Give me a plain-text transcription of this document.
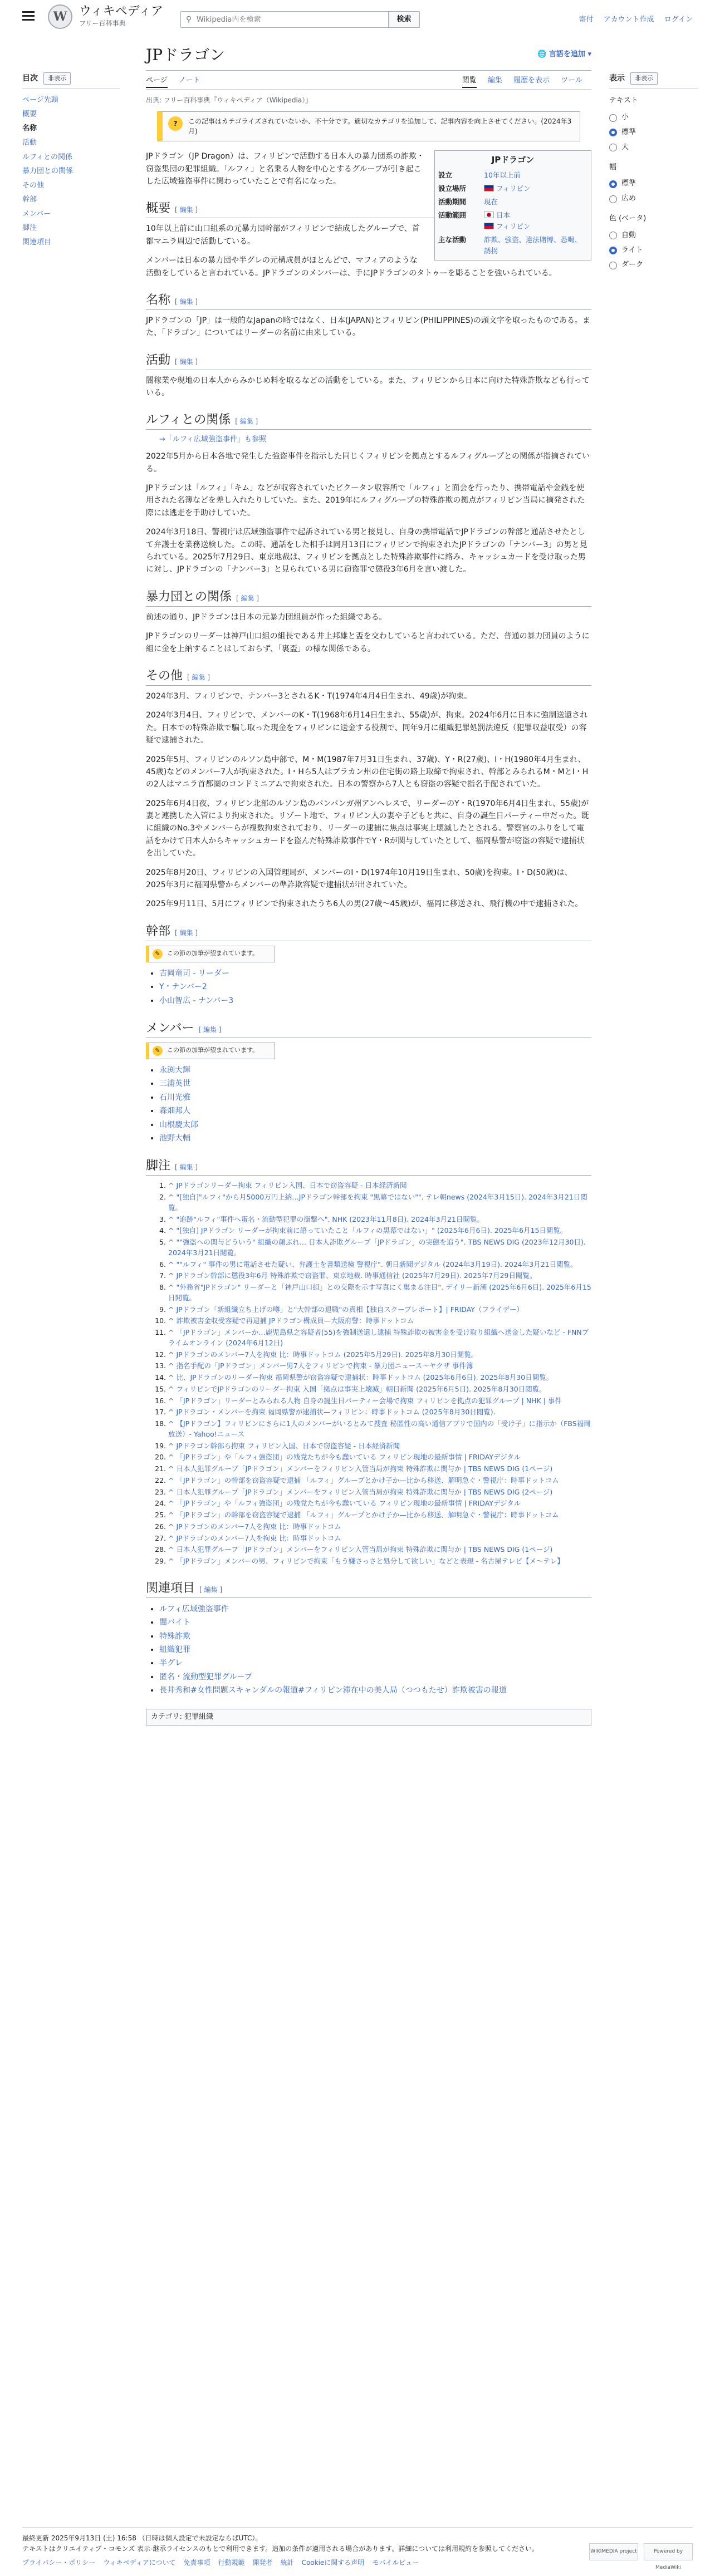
W ウィキペディア
フリー百科事典	⚲
Wikipedia内を検索	検索	寄付 アカウント作成 ログイン
目次	非表示
ページ先頭
概要
名称
活動
ルフィとの関係
暴力団との関係
その他
幹部
メンバー
脚注
関連項目
JPドラゴン	🌐 言語を追加 ▾
ページ ノート	閲覧 編集 履歴を表示 ツール
出典: フリー百科事典『ウィキペディア（Wikipedia）』
?	この記事はカテゴライズされていないか、不十分です。適切なカテゴリを追加して、記事内容を向上させてください。(2024年3月)
JPドラゴン
設立	10年以上前
設立場所	フィリピン
活動期間	現在
活動範囲	日本
フィリピン
主な活動	詐欺、強盗、違法賭博、恐喝、誘拐

JPドラゴン（JP Dragon）は、フィリピンで活動する日本人の暴力団系の詐欺・窃盗集団の犯罪組織。「ルフィ」と名乗る人物を中心とするグループが引き起こした広域強盗事件に関わっていたことで有名になった。

概要 [ 編集 ]

10年以上前に山口組系の元暴力団幹部がフィリピンで結成したグループで、首都マニラ周辺で活動している。

メンバーは日本の暴力団や半グレの元構成員がほとんどで、マフィアのような活動をしていると言われている。JPドラゴンのメンバーは、手にJPドラゴンのタトゥーを彫ることを強いられている。

名称 [ 編集 ]

JPドラゴンの「JP」は一般的なJapanの略ではなく、日本(JAPAN)とフィリピン(PHILIPPINES)の頭文字を取ったものである。また、「ドラゴン」についてはリーダーの名前に由来している。

活動 [ 編集 ]

闇稼業や現地の日本人からみかじめ料を取るなどの活動をしている。また、フィリピンから日本に向けた特殊詐欺なども行っている。

ルフィとの関係 [ 編集 ]
→「ルフィ広域強盗事件」も参照

2022年5月から日本各地で発生した強盗事件を指示した同じくフィリピンを拠点とするルフィグループとの関係が指摘されている。

JPドラゴンは「ルフィ」「キム」などが収容されていたビクータン収容所で「ルフィ」と面会を行ったり、携帯電話や金銭を使用された名簿などを差し入れたりしていた。また、2019年にルフィグループの特殊詐欺の拠点がフィリピン当局に摘発された際には逃走を手助けしていた。

2024年3月18日、警視庁は広域強盗事件で起訴されている男と接見し、自身の携帯電話でJPドラゴンの幹部と通話させたとして弁護士を業務送検した。この時、通話をした相手は同月13日にフィリピンで拘束されたJPドラゴンの「ナンバー3」の男と見られている。2025年7月29日、東京地裁は、フィリピンを拠点とした特殊詐欺事件に絡み、キャッシュカードを受け取った男に対し、JPドラゴンの「ナンバー3」と見られている男に窃盗罪で懲役3年6月を言い渡した。

暴力団との関係 [ 編集 ]

前述の通り、JPドラゴンは日本の元暴力団組員が作った組織である。

JPドラゴンのリーダーは神戸山口組の組長である井上邦雄と盃を交わしていると言われている。ただ、普通の暴力団員のように組に金を上納することはしておらず、「裏盃」の様な関係である。

その他 [ 編集 ]

2024年3月、フィリピンで、ナンバー3とされるK・T(1974年4月4日生まれ、49歳)が拘束。

2024年3月4日、フィリピンで、メンバーのK・T(1968年6月14日生まれ、55歳)が、拘束。2024年6月に日本に強制送還された。日本での特殊詐欺で騙し取った現金をフィリピンに送金する役割で、同年9月に組織犯罪処罰法違反（犯罪収益収受）の容疑で逮捕された。

2025年5月、フィリピンのルソン島中部で、M・M(1987年7月31日生まれ、37歳)、Y・R(27歳)、I・H(1980年4月生まれ、45歳)などのメンバー7人が拘束された。I・Hら5人はブラカン州の住宅街の路上取締で拘束され、幹部とみられるM・MとI・Hの2人はマニラ首都圏のコンドミニアムで拘束された。日本の警察から7人とも窃盗の容疑で指名手配されていた。

2025年6月4日夜、フィリピン北部のルソン島のパンパンガ州アンヘレスで、リーダーのY・R(1970年6月4日生まれ、55歳)が妻と連携した入管により拘束された。リゾート地で、フィリピン人の妻や子どもと共に、自身の誕生日パーティー中だった。既に組織のNo.3やメンバーらが複数拘束されており、リーダーの逮捕に焦点は事実上壊滅したとされる。警察官のふりをして電話をかけて日本人からキャッシュカードを盗んだ特殊詐欺事件でY・Rが関与していたとして、福岡県警が窃盗の容疑で逮捕状を出していた。

2025年8月20日、フィリピンの入国管理局が、メンバーのI・D(1974年10月19日生まれ、50歳)を拘束。I・D(50歳)は、2025年3月に福岡県警からメンバーの準詐欺容疑で逮捕状が出されていた。

2025年9月11日、5月にフィリピンで拘束されたうち6人の男(27歳〜45歳)が、福岡に移送され、飛行機の中で逮捕された。

幹部 [ 編集 ]
✎	この節の加筆が望まれています。
• 吉岡竜司 - リーダー
• Y・ナンバー2
• 小山智広 - ナンバー3
メンバー [ 編集 ]
✎	この節の加筆が望まれています。
• 永渕大輝
• 三浦英世
• 石川光雅
• 森畑邦人
• 山根慶太郎
• 池野大輔
脚注 [ 編集 ]
1. ^ JPドラゴンリーダー拘束 フィリピン入国、日本で窃盗容疑 - 日本経済新聞
2. ^ "[独自]"ルフィ"から月5000万円上納…JPドラゴン幹部を拘束 "黒幕ではない"". テレ朝news (2024年3月15日). 2024年3月21日閲覧。
3. ^ "追跡"ルフィ"事件へ蛋名・流動型犯罪の衝撃へ". NHK (2023年11月8日). 2024年3月21日閲覧。
4. ^ "[独自] JPドラゴン リーダーが拘束前に語っていたこと「ルフィの黒幕ではない」" (2025年6月6日). 2025年6月15日閲覧。
5. ^ ""強盗への関与どういう" 組織の顔ぶれ… 日本人詐欺グループ「JPドラゴン」の実態を追う". TBS NEWS DIG (2023年12月30日). 2024年3月21日閲覧。
6. ^ ""ルフィ" 事件の男に電話させた疑い、弁護士を書類送検 警視庁". 朝日新聞デジタル (2024年3月19日). 2024年3月21日閲覧。
7. ^ JPドラゴン幹部に懲役3年6月 特殊詐欺で窃盗罪、東京地裁. 時事通信社 (2025年7月29日). 2025年7月29日閲覧。
8. ^ "外務省"JPドラゴン" リーダーと「神戸山口組」との交際を示す写真にく集まる注目". デイリー新潮 (2025年6月6日). 2025年6月15日閲覧。
9. ^ JPドラゴン「新組織立ち上げの噂」と"大幹部の退職"の真相【独自スクープレポート】| FRIDAY（フライデー）
10. ^ 詐欺被害金収受容疑で再逮捕 JPドラゴン構成員—大阪府警：時事ドットコム
11. ^ 「JPドラゴン」メンバーか…鹿児島県之容疑者(55)を強制送還し逮捕 特殊詐欺の被害金を受け取り組織へ送金した疑いなど - FNNプライムオンライン (2024年6月12日)
12. ^ JPドラゴンのメンバー7人を拘束 比：時事ドットコム (2025年5月29日). 2025年8月30日閲覧。
13. ^ 指名手配の「JPドラゴン」メンバー男7人をフィリピンで拘束 - 暴力団ニュース〜ヤクザ 事件簿
14. ^ 比、JPドラゴンのリーダー拘束 福岡県警が窃盗容疑で逮捕状：時事ドットコム (2025年6月6日). 2025年8月30日閲覧。
15. ^ フィリピンでJPドラゴンのリーダー拘束 入国「拠点は事実上壊滅」朝日新聞 (2025年6月5日). 2025年8月30日閲覧。
16. ^ 「JPドラゴン」リーダーとみられる人物 自身の誕生日パーティー会場で拘束 フィリピンを拠点の犯罪グループ | NHK | 事件
17. ^ JPドラゴン・メンバーを拘束 福岡県警が逮捕状—フィリピン：時事ドットコム (2025年8月30日閲覧).
18. ^ 【JPドラゴン】フィリピンにさらに1人のメンバーがいるとみて捜査 秘匿性の高い通信アプリで国内の「受け子」に指示か（FBS福岡放送）- Yahoo!ニュース
19. ^ JPドラゴン幹部ら拘束 フィリピン入国、日本で窃盗容疑 - 日本経済新聞
20. ^ 「JPドラゴン」や「ルフィ強盗団」の残党たちが今も蠢いている フィリピン現地の最新事情 | FRIDAYデジタル
21. ^ 日本人犯罪グループ「JPドラゴン」メンバーをフィリピン入管当局が拘束 特殊詐欺に関与か | TBS NEWS DIG (1ページ)
22. ^ 「JPドラゴン」の幹部を窃盗容疑で逮捕 「ルフィ」グループとかけ子か—比から移送、解明急ぐ・警視庁：時事ドットコム
23. ^ 日本人犯罪グループ「JPドラゴン」メンバーをフィリピン入管当局が拘束 特殊詐欺に関与か | TBS NEWS DIG (2ページ)
24. ^ 「JPドラゴン」や「ルフィ強盗団」の残党たちが今も蠢いている フィリピン現地の最新事情 | FRIDAYデジタル
25. ^ 「JPドラゴン」の幹部を窃盗容疑で逮捕 「ルフィ」グループとかけ子か—比から移送、解明急ぐ・警視庁：時事ドットコム
26. ^ JPドラゴンのメンバー7人を拘束 比：時事ドットコム
27. ^ JPドラゴンのメンバー7人を拘束 比：時事ドットコム
28. ^ 日本人犯罪グループ「JPドラゴン」メンバーをフィリピン入管当局が拘束 特殊詐欺に関与か | TBS NEWS DIG (1ページ)
29. ^ 「JPドラゴン」メンバーの男、フィリピンで拘束「もう嫌さっさと処分して欲しい」などと表現 - 名古屋テレビ【メ〜テレ】
関連項目 [ 編集 ]
• ルフィ広域強盗事件
• 闇バイト
• 特殊詐欺
• 組織犯罪
• 半グレ
• 匿名・流動型犯罪グループ
• 長井秀和#女性問題スキャンダルの報道#フィリピン滞在中の美人局（つつもたせ）詐欺被害の報道
カテゴリ: 犯罪組織
表示	非表示
テキスト
小
標準
大
幅
標準
広め
色 (ベータ)
自動
ライト
ダーク
最終更新 2025年9月13日 (土) 16:58 （日時は個人設定で未設定ならばUTC）。
テキストはクリエイティブ・コモンズ 表示-継承ライセンスのもとで利用できます。追加の条件が適用される場合があります。詳細については利用規約を参照してください。
プライバシー・ポリシー ウィキペディアについて 免責事項 行動規範 開発者 統計 Cookieに関する声明 モバイルビュー
WIKIMEDIA project	Powered by MediaWiki
